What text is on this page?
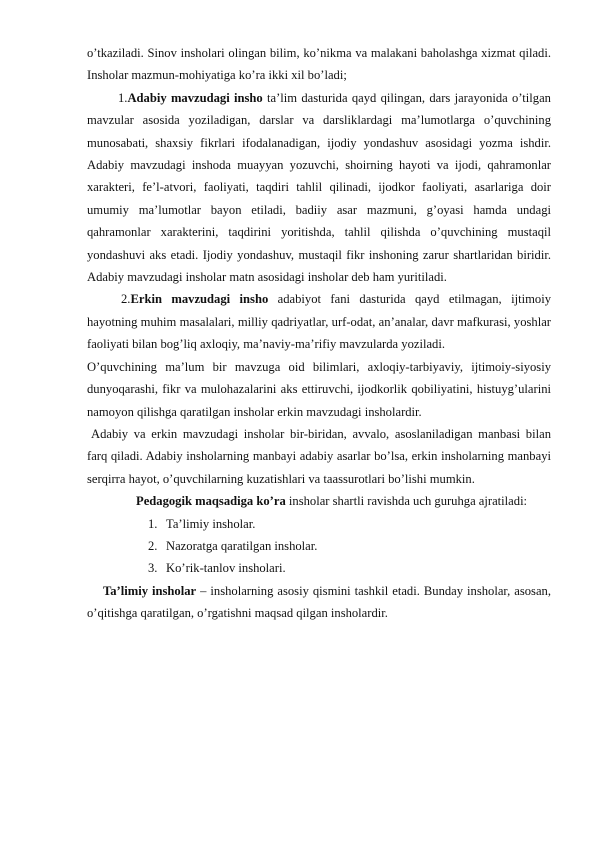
o’tkaziladi. Sinov insholari olingan bilim, ko’nikma va malakani baholashga xizmat qiladi. Insholar mazmun-mohiyatiga ko’ra ikki xil bo’ladi;

1.Adabiy mavzudagi insho ta’lim dasturida qayd qilingan, dars jarayonida o’tilgan mavzular asosida yoziladigan, darslar va darsliklardagi ma’lumotlarga o’quvchining munosabati, shaxsiy fikrlari ifodalanadigan, ijodiy yondashuv asosidagi yozma ishdir. Adabiy mavzudagi inshoda muayyan yozuvchi, shoirning hayoti va ijodi, qahramonlar xarakteri, fe’l-atvori, faoliyati, taqdiri tahlil qilinadi, ijodkor faoliyati, asarlariga doir umumiy ma’lumotlar bayon etiladi, badiiy asar mazmuni, g’oyasi hamda undagi qahramonlar xarakterini, taqdirini yoritishda, tahlil qilishda o’quvchining mustaqil yondashuvi aks etadi. Ijodiy yondashuv, mustaqil fikr inshoning zarur shartlaridan biridir. Adabiy mavzudagi insholar matn asosidagi insholar deb ham yuritiladi.

2.Erkin mavzudagi insho adabiyot fani dasturida qayd etilmagan, ijtimoiy hayotning muhim masalalari, milliy qadriyatlar, urf-odat, an’analar, davr mafkurasi, yoshlar faoliyati bilan bog’liq axloqiy, ma’naviy-ma’rifiy mavzularda yoziladi.

O’quvchining ma’lum bir mavzuga oid bilimlari, axloqiy-tarbiyaviy, ijtimoiy-siyosiy dunyoqarashi, fikr va mulohazalarini aks ettiruvchi, ijodkorlik qobiliyatini, histuyg’ularini namoyon qilishga qaratilgan insholar erkin mavzudagi insholardir.

Adabiy va erkin mavzudagi insholar bir-biridan, avvalo, asoslaniladigan manbasi bilan farq qiladi. Adabiy insholarning manbayi adabiy asarlar bo’lsa, erkin insholarning manbayi serqirra hayot, o’quvchilarning kuzatishlari va taassurotlari bo’lishi mumkin.

Pedagogik maqsadiga ko’ra insholar shartli ravishda uch guruhga ajratiladi:

1. Ta’limiy insholar.
2. Nazoratga qaratilgan insholar.
3. Ko’rik-tanlov insholari.

Ta’limiy insholar – insholarning asosiy qismini tashkil etadi. Bunday insholar, asosan, o’qitishga qaratilgan, o’rgatishni maqsad qilgan insholardir.
